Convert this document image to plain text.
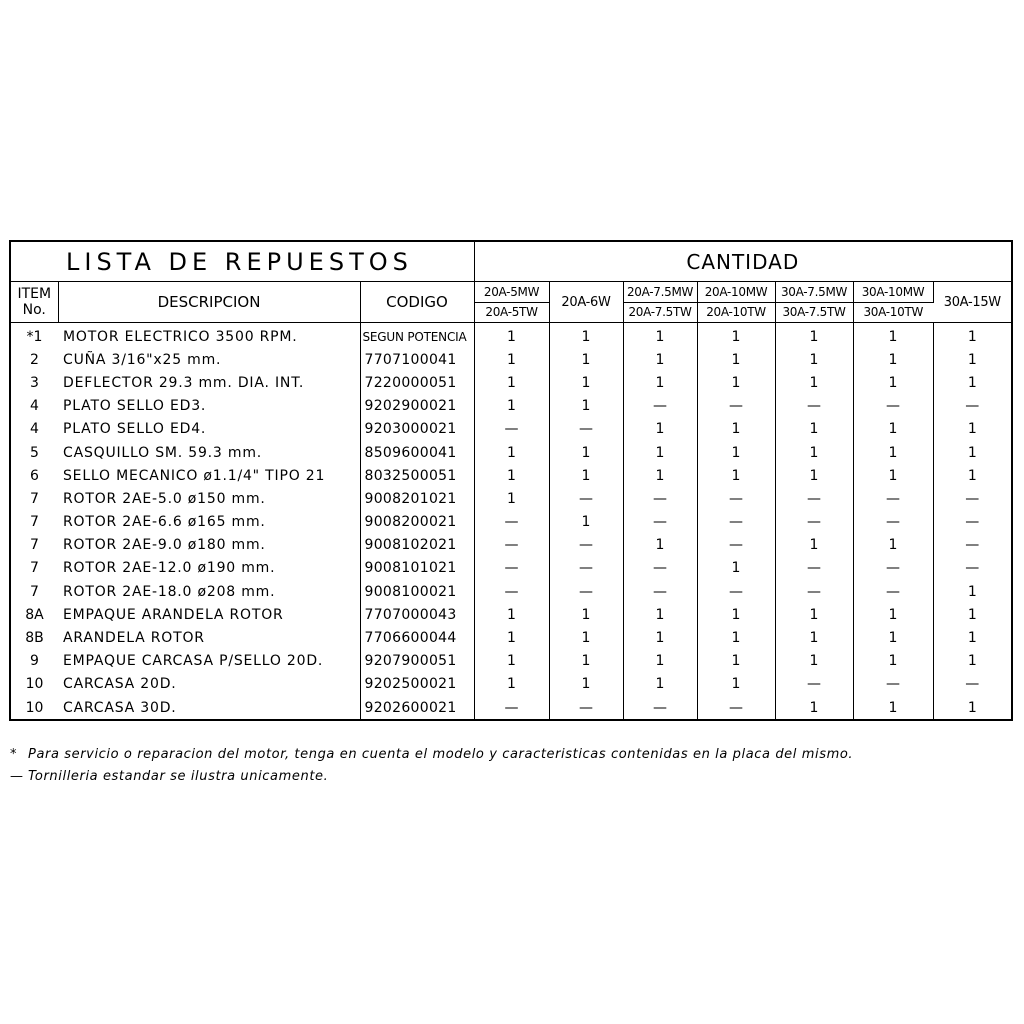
LISTA DE REPUESTOS			CANTIDAD						
ITEM
No.	DESCRIPCION	CODIGO	20A-5MW	20A-6W	20A-7.5MW	20A-10MW	30A-7.5MW	30A-10MW	30A-15W
			20A-5TW		20A-7.5TW	20A-10TW	30A-7.5TW	30A-10TW	
*1	MOTOR ELECTRICO 3500 RPM.	SEGUN POTENCIA	1	1	1	1	1	1	1
2	CUÑA 3/16"x25 mm.	7707100041	1	1	1	1	1	1	1
3	DEFLECTOR 29.3 mm. DIA. INT.	7220000051	1	1	1	1	1	1	1
4	PLATO SELLO ED3.	9202900021	1	1	—	—	—	—	—
4	PLATO SELLO ED4.	9203000021	—	—	1	1	1	1	1
5	CASQUILLO SM. 59.3 mm.	8509600041	1	1	1	1	1	1	1
6	SELLO MECANICO ø1.1/4" TIPO 21	8032500051	1	1	1	1	1	1	1
7	ROTOR 2AE-5.0 ø150 mm.	9008201021	1	—	—	—	—	—	—
7	ROTOR 2AE-6.6 ø165 mm.	9008200021	—	1	—	—	—	—	—
7	ROTOR 2AE-9.0 ø180 mm.	9008102021	—	—	1	—	1	1	—
7	ROTOR 2AE-12.0 ø190 mm.	9008101021	—	—	—	1	—	—	—
7	ROTOR 2AE-18.0 ø208 mm.	9008100021	—	—	—	—	—	—	1
8A	EMPAQUE ARANDELA ROTOR	7707000043	1	1	1	1	1	1	1
8B	ARANDELA ROTOR	7706600044	1	1	1	1	1	1	1
9	EMPAQUE CARCASA P/SELLO 20D.	9207900051	1	1	1	1	1	1	1
10	CARCASA 20D.	9202500021	1	1	1	1	—	—	—
10	CARCASA 30D.	9202600021	—	—	—	—	1	1	1
* Para servicio o reparacion del motor, tenga en cuenta el modelo y caracteristicas contenidas en la placa del mismo.
— Tornilleria estandar se ilustra unicamente.
